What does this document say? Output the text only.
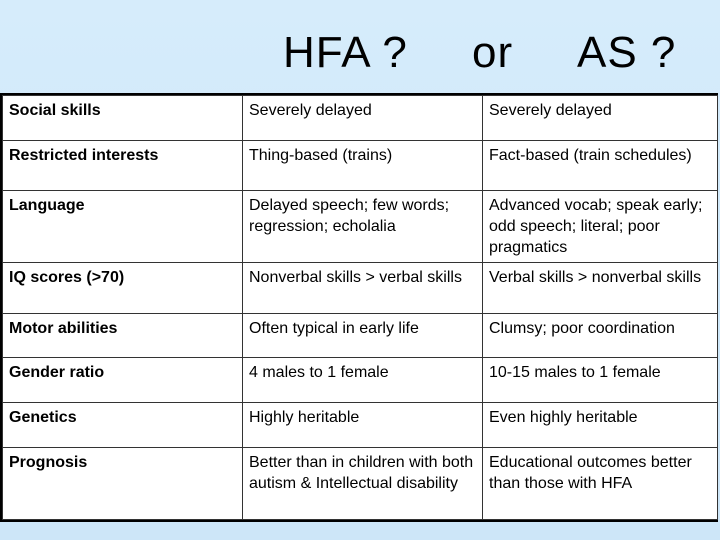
HFA ? or AS ?
Social skills	Severely delayed	Severely delayed
Restricted interests	Thing-based (trains)	Fact-based (train schedules)
Language	Delayed speech; few words; regression; echolalia	Advanced vocab; speak early; odd speech; literal; poor pragmatics
IQ scores (>70)	Nonverbal skills > verbal skills	Verbal skills > nonverbal skills
Motor abilities	Often typical in early life	Clumsy; poor coordination
Gender ratio	4 males to 1 female	10-15 males to 1 female
Genetics	Highly heritable	Even highly heritable
Prognosis	Better than in children with both autism & Intellectual disability	Educational outcomes better than those with HFA
